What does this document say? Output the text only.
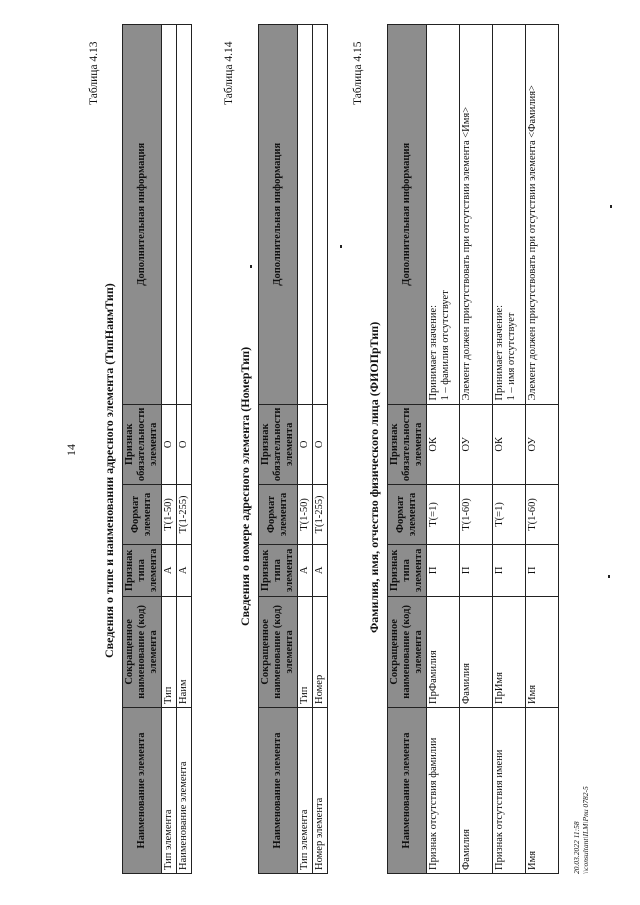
14
Таблица 4.13
Сведения о типе и наименовании адресного элемента (ТипНаимТип)
Наименование элемента	Сокращенное наименование (код) элемента	Признак типа элемента	Формат элемента	Признак обязательности элемента	Дополнительная информация
Тип элемента	Тип	А	T(1-50)	О	
Наименование элемента	Наим	А	T(1-255)	О	
Таблица 4.14
Сведения о номере адресного элемента (НомерТип)
Наименование элемента	Сокращенное наименование (код) элемента	Признак типа элемента	Формат элемента	Признак обязательности элемента	Дополнительная информация
Тип элемента	Тип	А	T(1-50)	О	
Номер элемента	Номер	А	T(1-255)	О	
Таблица 4.15
Фамилия, имя, отчество физического лица (ФИОПрТип)
Наименование элемента	Сокращенное наименование (код) элемента	Признак типа элемента	Формат элемента	Признак обязательности элемента	Дополнительная информация
Признак отсутствия фамилии	ПрФамилия	П	T(=1)	ОК	Принимает значение:
1 – фамилия отсутствует
Фамилия	Фамилия	П	T(1-60)	ОУ	Элемент должен присутствовать при отсутствии элемента <Имя>
Признак отсутствия имени	ПрИмя	П	T(=1)	ОК	Принимает значение:
1 – имя отсутствует
Имя	Имя	П	T(1-60)	ОУ	Элемент должен присутствовать при отсутствии элемента <Фамилия>
20.03.2022 11:58 \\consultant\ILM\Pnu 0782-5
